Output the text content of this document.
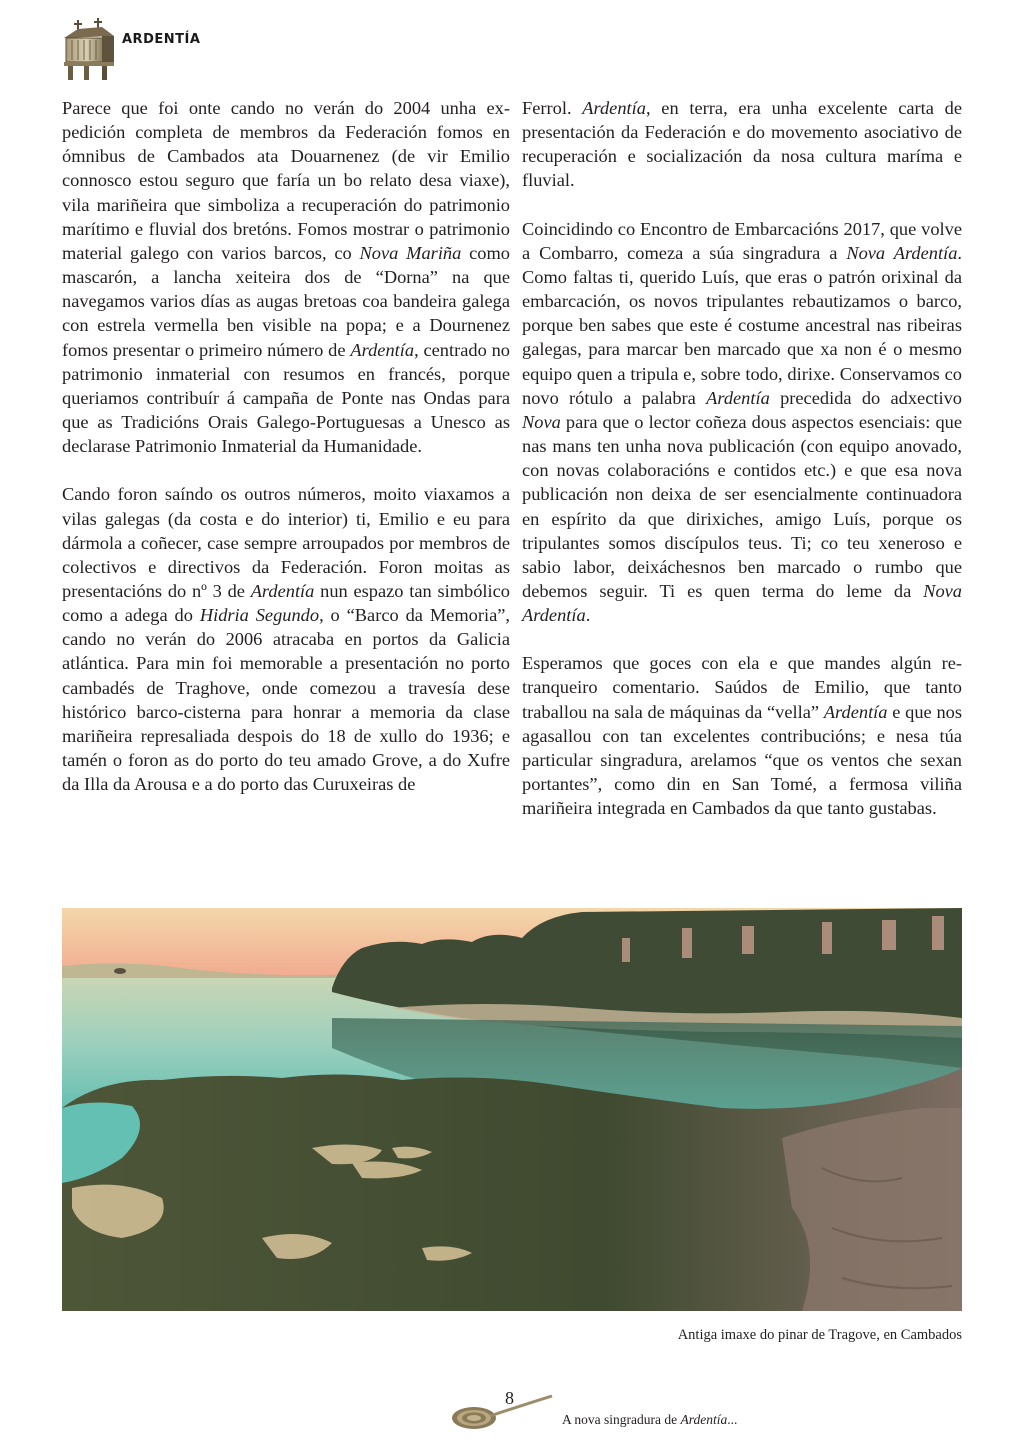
ARDENTÍA

Parece que foi onte cando no verán do 2004 unha expedición completa de membros da Federación fomos en ómnibus de Cambados ata Douarnenez (de vir Emilio connosco estou seguro que faría un bo relato desa viaxe), vila mariñeira que simboliza a recuperación do patrimonio marítimo e fluvial dos bretóns. Fomos mostrar o patrimonio material galego con varios barcos, co Nova Mariña como mascarón, a lancha xeiteira dos de “Dorna” na que navegamos varios días as augas bretoas coa bandeira galega con estrela vermella ben visible na popa; e a Dournenez fomos presentar o primeiro número de Ardentía, centrado no patrimonio inmaterial con resumos en francés, porque queriamos contribuír á campaña de Ponte nas Ondas para que as Tradicións Orais Galego-Portuguesas a Unesco as declarase Patrimonio Inmaterial da Humanidade.

Cando foron saíndo os outros números, moito viaxamos a vilas galegas (da costa e do interior) ti, Emilio e eu para dármola a coñecer, case sempre arroupados por membros de colectivos e directivos da Federación. Foron moitas as presentacións do nº 3 de Ardentía nun espazo tan simbólico como a adega do Hidria Segundo, o “Barco da Memoria”, cando no verán do 2006 atracaba en portos da Galicia atlántica. Para min foi memorable a presentación no porto cambadés de Traghove, onde comezou a travesía dese histórico barco-cisterna para honrar a memoria da clase mariñeira represaliada despois do 18 de xullo do 1936; e tamén o foron as do porto do teu amado Grove, a do Xufre da Illa da Arousa e a do porto das Curuxeiras de

Ferrol. Ardentía, en terra, era unha excelente carta de presentación da Federación e do movemento asociativo de recuperación e socialización da nosa cultura maríma e fluvial.

Coincidindo co Encontro de Embarcacións 2017, que volve a Combarro, comeza a súa singradura a Nova Ardentía. Como faltas ti, querido Luís, que eras o patrón orixinal da embarcación, os novos tripulantes rebautizamos o barco, porque ben sabes que este é costume ancestral nas ribeiras galegas, para marcar ben marcado que xa non é o mesmo equipo quen a tripula e, sobre todo, dirixe. Conservamos co novo rótulo a palabra Ardentía precedida do adxectivo Nova para que o lector coñeza dous aspectos esenciais: que nas mans ten unha nova publicación (con equipo anovado, con novas colaboracións e contidos etc.) e que esa nova publicación non deixa de ser esencialmente continuadora en espírito da que dirixiches, amigo Luís, porque os tripulantes somos discípulos teus. Ti; co teu xeneroso e sabio labor, deixáchesnos ben marcado o rumbo que debemos seguir. Ti es quen terma do leme da Nova Ardentía.

Esperamos que goces con ela e que mandes algún retranqueiro comentario. Saúdos de Emilio, que tanto traballou na sala de máquinas da “vella” Ardentía e que nos agasallou con tan excelentes contribucións; e nesa túa particular singradura, arelamos “que os ventos che sexan portantes”, como din en San Tomé, a fermosa viliña mariñeira integrada en Cambados da que tanto gustabas.

Antiga imaxe do pinar de Tragove, en Cambados
8
A nova singradura de Ardentía...
